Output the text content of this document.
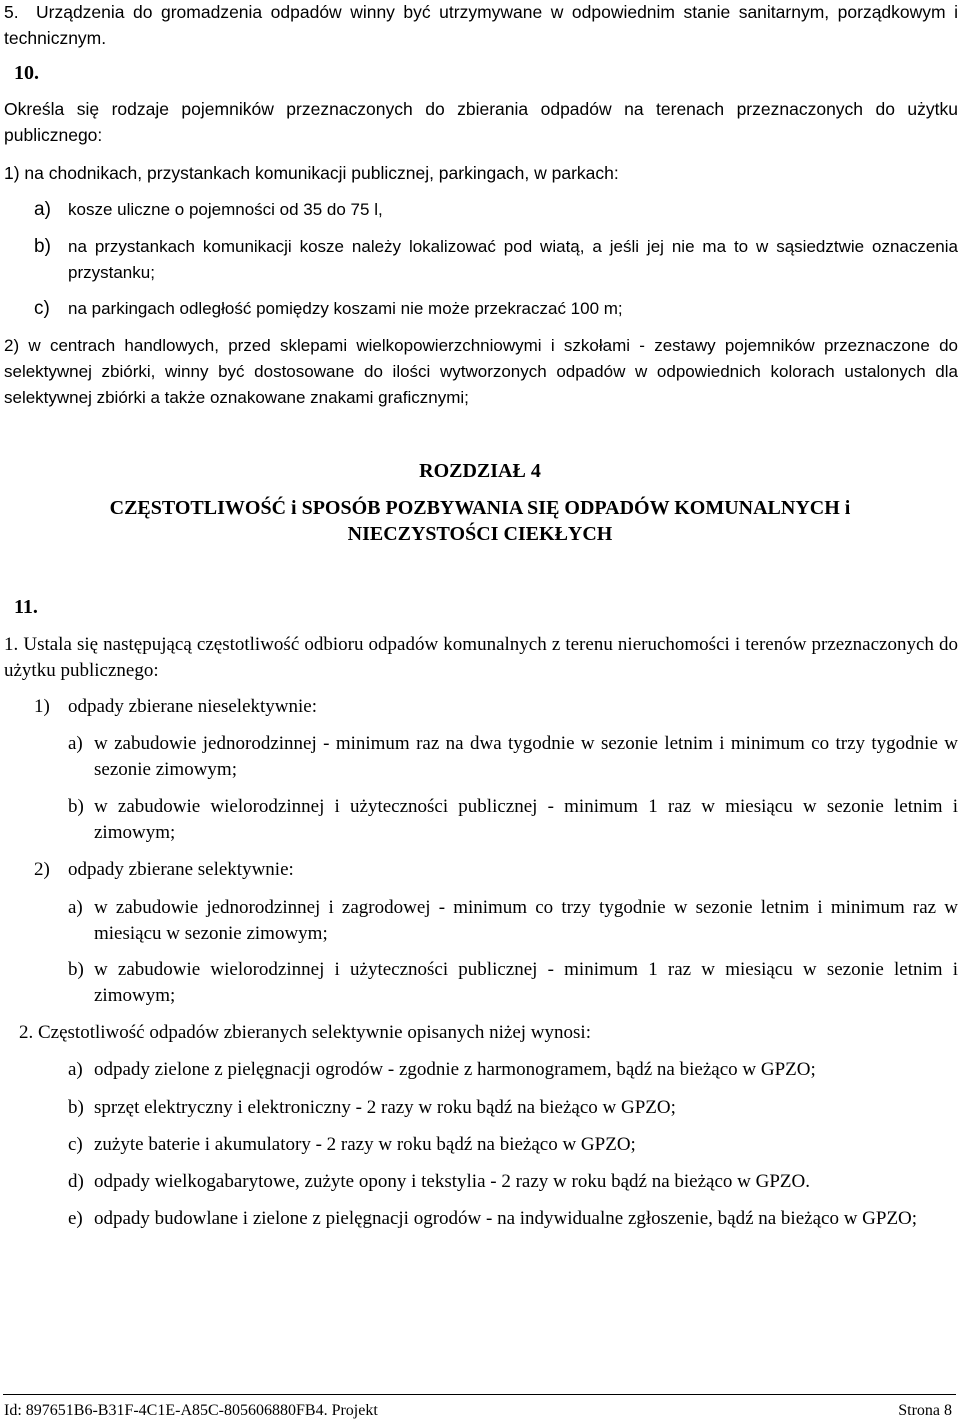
5. Urządzenia do gromadzenia odpadów winny być utrzymywane w odpowiednim stanie sanitarnym, porządkowym i technicznym.

10.

Określa się rodzaje pojemników przeznaczonych do zbierania odpadów na terenach przeznaczonych do użytku publicznego:

1) na chodnikach, przystankach komunikacji publicznej, parkingach, w parkach:

a) kosze uliczne o pojemności od 35 do 75 l,

b) na przystankach komunikacji kosze należy lokalizować pod wiatą, a jeśli jej nie ma to w sąsiedztwie oznaczenia przystanku;

c) na parkingach odległość pomiędzy koszami nie może przekraczać 100 m;

2) w centrach handlowych, przed sklepami wielkopowierzchniowymi i szkołami - zestawy pojemników przeznaczone do selektywnej zbiórki, winny być dostosowane do ilości wytworzonych odpadów w odpowiednich kolorach ustalonych dla selektywnej zbiórki a także oznakowane znakami graficznymi;

ROZDZIAŁ 4

CZĘSTOTLIWOŚĆ i SPOSÓB POZBYWANIA SIĘ ODPADÓW KOMUNALNYCH i NIECZYSTOŚCI CIEKŁYCH

11.

1. Ustala się następującą częstotliwość odbioru odpadów komunalnych z terenu nieruchomości i terenów przeznaczonych do użytku publicznego:

1) odpady zbierane nieselektywnie:

a) w zabudowie jednorodzinnej - minimum raz na dwa tygodnie w sezonie letnim i minimum co trzy tygodnie w sezonie zimowym;

b) w zabudowie wielorodzinnej i użyteczności publicznej - minimum 1 raz w miesiącu w sezonie letnim i zimowym;

2) odpady zbierane selektywnie:

a) w zabudowie jednorodzinnej i zagrodowej - minimum co trzy tygodnie w sezonie letnim i minimum raz w miesiącu w sezonie zimowym;

b) w zabudowie wielorodzinnej i użyteczności publicznej - minimum 1 raz w miesiącu w sezonie letnim i zimowym;

2. Częstotliwość odpadów zbieranych selektywnie opisanych niżej wynosi:

a) odpady zielone z pielęgnacji ogrodów - zgodnie z harmonogramem, bądź na bieżąco w GPZO;

b) sprzęt elektryczny i elektroniczny - 2 razy w roku bądź na bieżąco w GPZO;

c) zużyte baterie i akumulatory - 2 razy w roku bądź na bieżąco w GPZO;

d) odpady wielkogabarytowe, zużyte opony i tekstylia - 2 razy w roku bądź na bieżąco w GPZO.

e) odpady budowlane i zielone z pielęgnacji ogrodów - na indywidualne zgłoszenie, bądź na bieżąco w GPZO;

Id: 897651B6-B31F-4C1E-A85C-805606880FB4. Projekt	Strona 8
